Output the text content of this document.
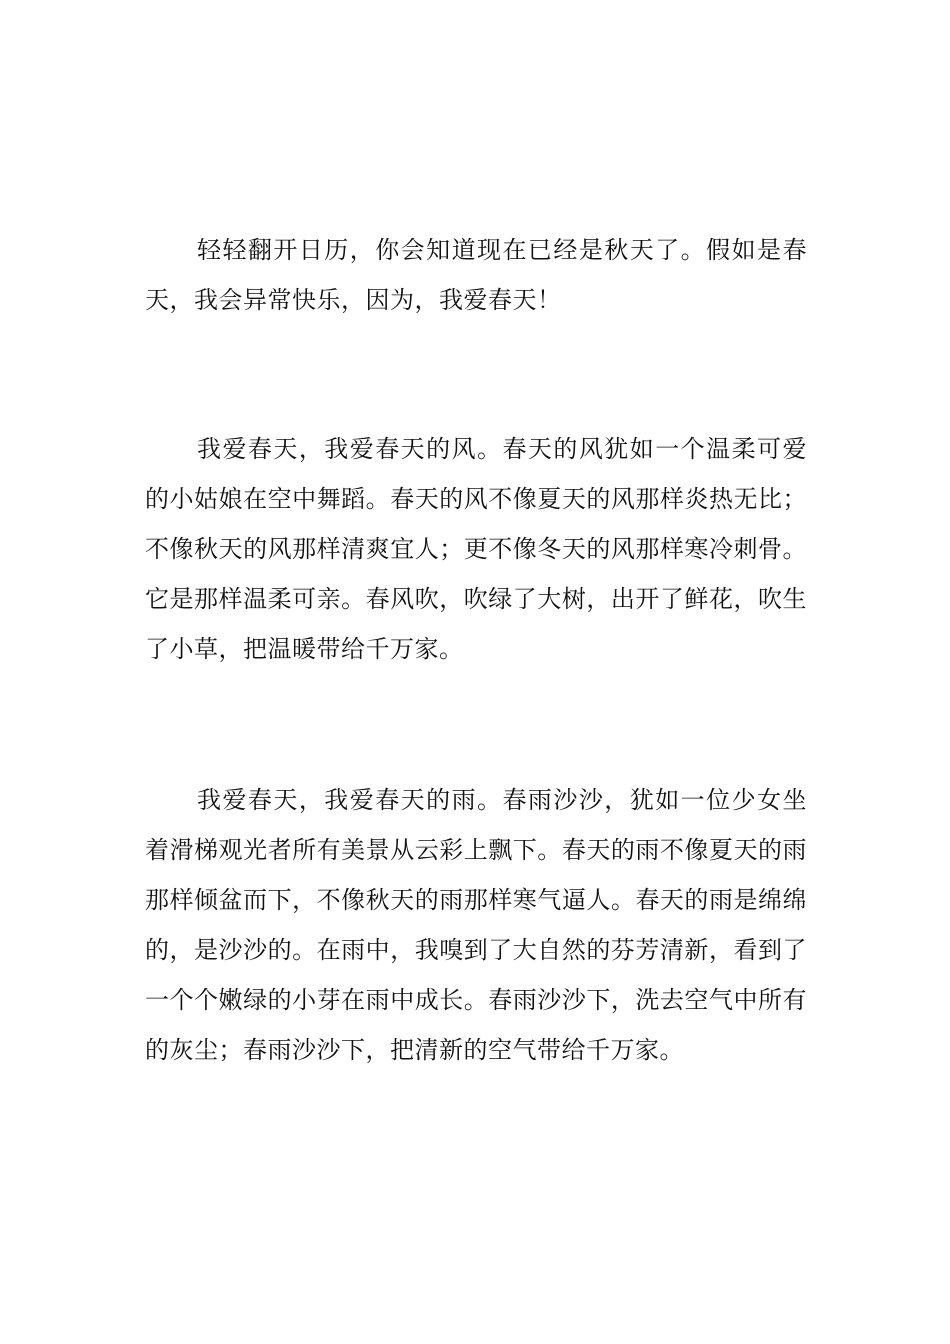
轻轻翻开日历，你会知道现在已经是秋天了。假如是春天，我会异常快乐，因为，我爱春天！

我爱春天，我爱春天的风。春天的风犹如一个温柔可爱的小姑娘在空中舞蹈。春天的风不像夏天的风那样炎热无比；不像秋天的风那样清爽宜人；更不像冬天的风那样寒冷刺骨。它是那样温柔可亲。春风吹，吹绿了大树，出开了鲜花，吹生了小草，把温暖带给千万家。

我爱春天，我爱春天的雨。春雨沙沙，犹如一位少女坐着滑梯观光者所有美景从云彩上飘下。春天的雨不像夏天的雨那样倾盆而下，不像秋天的雨那样寒气逼人。春天的雨是绵绵的，是沙沙的。在雨中，我嗅到了大自然的芬芳清新，看到了一个个嫩绿的小芽在雨中成长。春雨沙沙下，洗去空气中所有的灰尘；春雨沙沙下，把清新的空气带给千万家。
